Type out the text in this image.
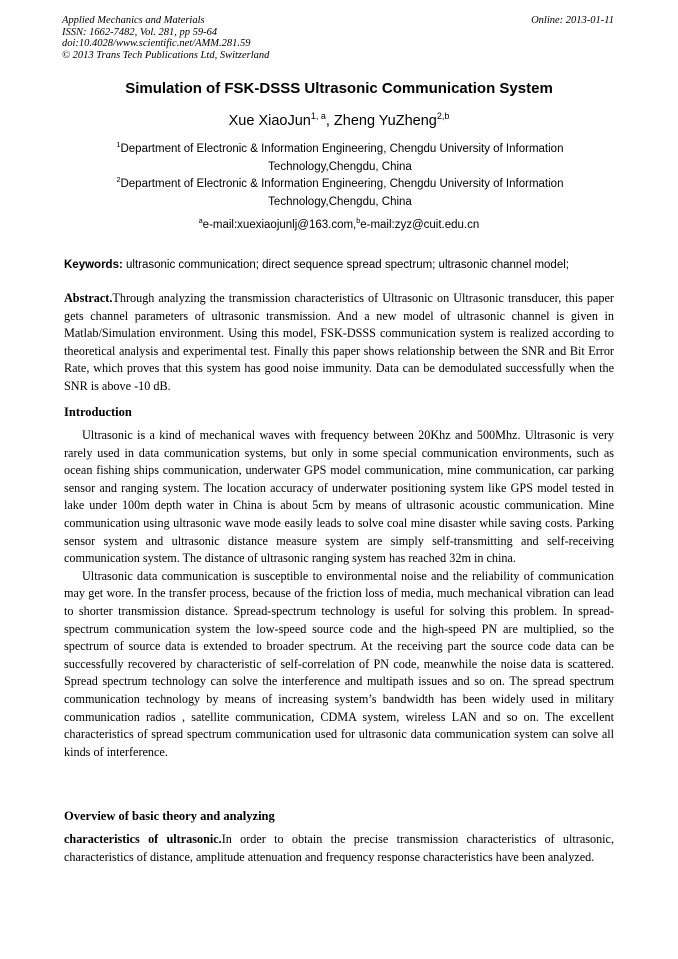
Applied Mechanics and Materials
ISSN: 1662-7482, Vol. 281, pp 59-64
doi:10.4028/www.scientific.net/AMM.281.59
© 2013 Trans Tech Publications Ltd, Switzerland
Online: 2013-01-11
Simulation of FSK-DSSS Ultrasonic Communication System
Xue XiaoJun$^{1, a}$, Zheng YuZheng$^{2,b}$
$^1$Department of Electronic & Information Engineering, Chengdu University of Information Technology,Chengdu, China
$^2$Department of Electronic & Information Engineering, Chengdu University of Information Technology,Chengdu, China
$^a$e-mail:xuexiaojunlj@163.com,$^b$e-mail:zyz@cuit.edu.cn
Keywords: ultrasonic communication; direct sequence spread spectrum; ultrasonic channel model;

Abstract.Through analyzing the transmission characteristics of Ultrasonic on Ultrasonic transducer, this paper gets channel parameters of ultrasonic transmission. And a new model of ultrasonic channel is given in Matlab/Simulation environment. Using this model, FSK-DSSS communication system is realized according to theoretical analysis and experimental test. Finally this paper shows relationship between the SNR and Bit Error Rate, which proves that this system has good noise immunity. Data can be demodulated successfully when the SNR is above -10 dB.

Introduction

Ultrasonic is a kind of mechanical waves with frequency between 20Khz and 500Mhz. Ultrasonic is very rarely used in data communication systems, but only in some special communication environments, such as ocean fishing ships communication, underwater GPS model communication, mine communication, car parking sensor and ranging system. The location accuracy of underwater positioning system like GPS model tested in lake under 100m depth water in China is about 5cm by means of ultrasonic acoustic communication. Mine communication using ultrasonic wave mode easily leads to solve coal mine disaster while saving costs. Parking sensor system and ultrasonic distance measure system are simply self-transmitting and self-receiving communication system. The distance of ultrasonic ranging system has reached 32m in china.

Ultrasonic data communication is susceptible to environmental noise and the reliability of communication may get wore. In the transfer process, because of the friction loss of media, much mechanical vibration can lead to shorter transmission distance. Spread-spectrum technology is useful for solving this problem. In spread-spectrum communication system the low-speed source code and the high-speed PN are multiplied, so the spectrum of source data is extended to broader spectrum. At the receiving part the source code data can be successfully recovered by characteristic of self-correlation of PN code, meanwhile the noise data is scattered. Spread spectrum technology can solve the interference and multipath issues and so on. The spread spectrum communication technology by means of increasing system’s bandwidth has been widely used in military communication radios , satellite communication, CDMA system, wireless LAN and so on. The excellent characteristics of spread spectrum communication used for ultrasonic data communication system can solve all kinds of interference.

Overview of basic theory and analyzing

characteristics of ultrasonic.In order to obtain the precise transmission characteristics of ultrasonic, characteristics of distance, amplitude attenuation and frequency response characteristics have been analyzed.
